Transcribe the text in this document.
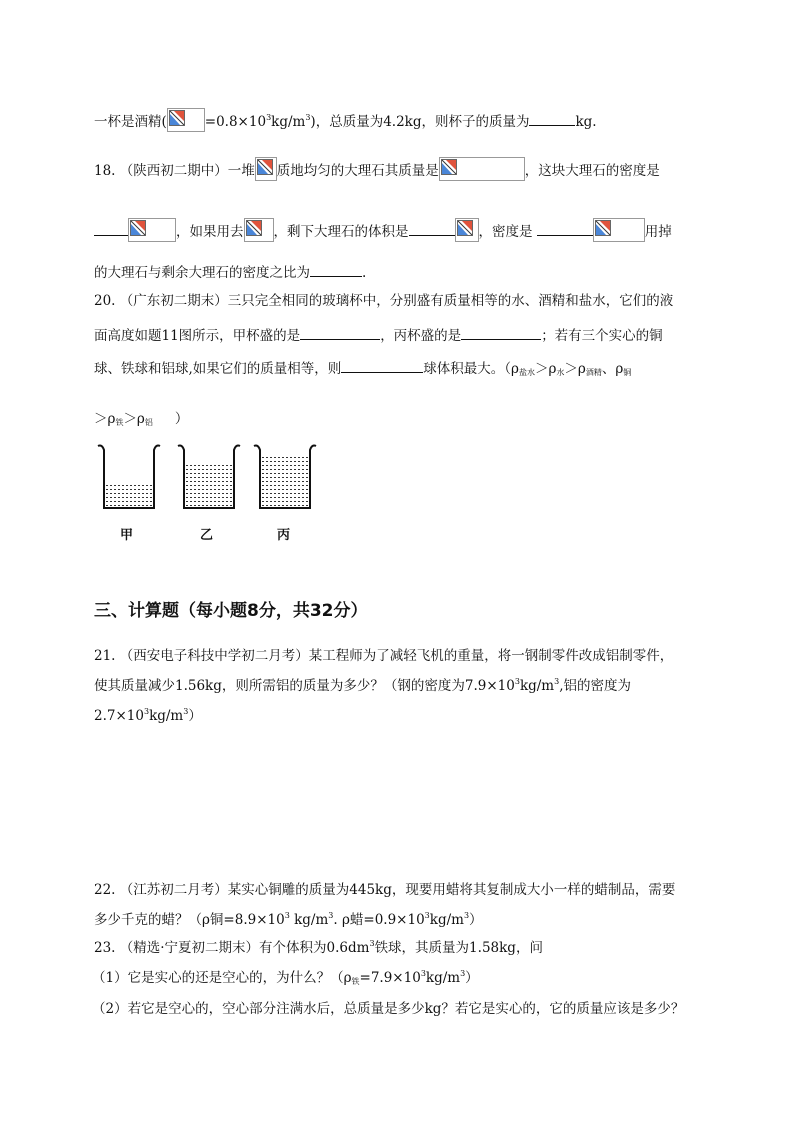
一杯是酒精(	$=0.8\times 10^3kg/m^3$)，总质量为4.2kg，则杯子的质量为	kg.
18. （陕西初二期中）一堆 质地均匀的大理石其质量是	，这块大理石的密度是
，如果用去 ，剩下大理石的体积是	，密度是	用掉
的大理石与剩余大理石的密度之比为	.
20. （广东初二期末）三只完全相同的玻璃杯中，分别盛有质量相等的水、酒精和盐水，它们的液
面高度如题11图所示，甲杯盛的是	，丙杯盛的是	；若有三个实心的铜
球、铁球和铝球,如果它们的质量相等，则	球体积最大。（$\rho_{盐水}>\rho_水>\rho_{酒精}$、$\rho_铜$
$>\rho_铁>\rho_铝$ ）
甲	乙	丙
三、计算题（每小题8分，共32分）
21. （西安电子科技中学初二月考）某工程师为了减轻飞机的重量，将一钢制零件改成铝制零件，
使其质量减少1.56kg，则所需铝的质量为多少？（钢的密度为$7.9\times 10^3kg/m^3$,铝的密度为
$2.7\times 10^3kg/m^3$）
22. （江苏初二月考）某实心铜雕的质量为445kg，现要用蜡将其复制成大小一样的蜡制品，需要
多少千克的蜡？（ρ铜$=8.9\times 10^3$ $kg/m^3$. ρ蜡$=0.9\times 10^3kg/m^3$）
23. （精选·宁夏初二期末）有个体积为$0.6dm^3$铁球，其质量为1.58kg，问
（1）它是实心的还是空心的，为什么？$(\rho_铁=7.9\times 10^3kg/m^3)$
（2）若它是空心的，空心部分注满水后，总质量是多少kg？若它是实心的，它的质量应该是多少？
